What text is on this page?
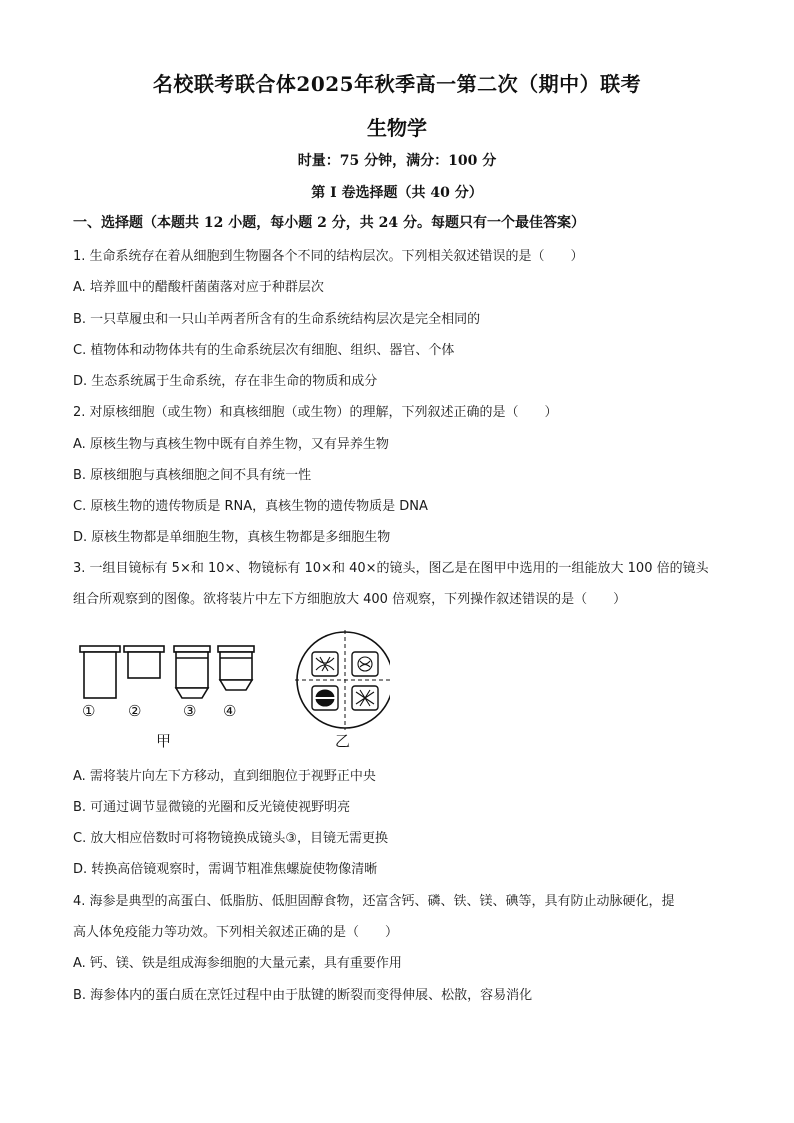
名校联考联合体2025年秋季高一第二次（期中）联考
生物学
时量：75 分钟，满分：100 分
第 I 卷选择题（共 40 分）
一、选择题（本题共 12 小题，每小题 2 分，共 24 分。每题只有一个最佳答案）
1. 生命系统存在着从细胞到生物圈各个不同的结构层次。下列相关叙述错误的是（　　）
A. 培养皿中的醋酸杆菌菌落对应于种群层次
B. 一只草履虫和一只山羊两者所含有的生命系统结构层次是完全相同的
C. 植物体和动物体共有的生命系统层次有细胞、组织、器官、个体
D. 生态系统属于生命系统，存在非生命的物质和成分
2. 对原核细胞（或生物）和真核细胞（或生物）的理解，下列叙述正确的是（　　）
A. 原核生物与真核生物中既有自养生物，又有异养生物
B. 原核细胞与真核细胞之间不具有统一性
C. 原核生物的遗传物质是 RNA，真核生物的遗传物质是 DNA
D. 原核生物都是单细胞生物，真核生物都是多细胞生物
3. 一组目镜标有 5×和 10×、物镜标有 10×和 40×的镜头，图乙是在图甲中选用的一组能放大 100 倍的镜头
组合所观察到的图像。欲将装片中左下方细胞放大 400 倍观察，下列操作叙述错误的是（　　）
① ②	③ ④
甲	乙
A. 需将装片向左下方移动，直到细胞位于视野正中央
B. 可通过调节显微镜的光圈和反光镜使视野明亮
C. 放大相应倍数时可将物镜换成镜头③，目镜无需更换
D. 转换高倍镜观察时，需调节粗准焦螺旋使物像清晰
4. 海参是典型的高蛋白、低脂肪、低胆固醇食物，还富含钙、磷、铁、镁、碘等，具有防止动脉硬化，提
高人体免疫能力等功效。下列相关叙述正确的是（　　）
A. 钙、镁、铁是组成海参细胞的大量元素，具有重要作用
B. 海参体内的蛋白质在烹饪过程中由于肽键的断裂而变得伸展、松散，容易消化
